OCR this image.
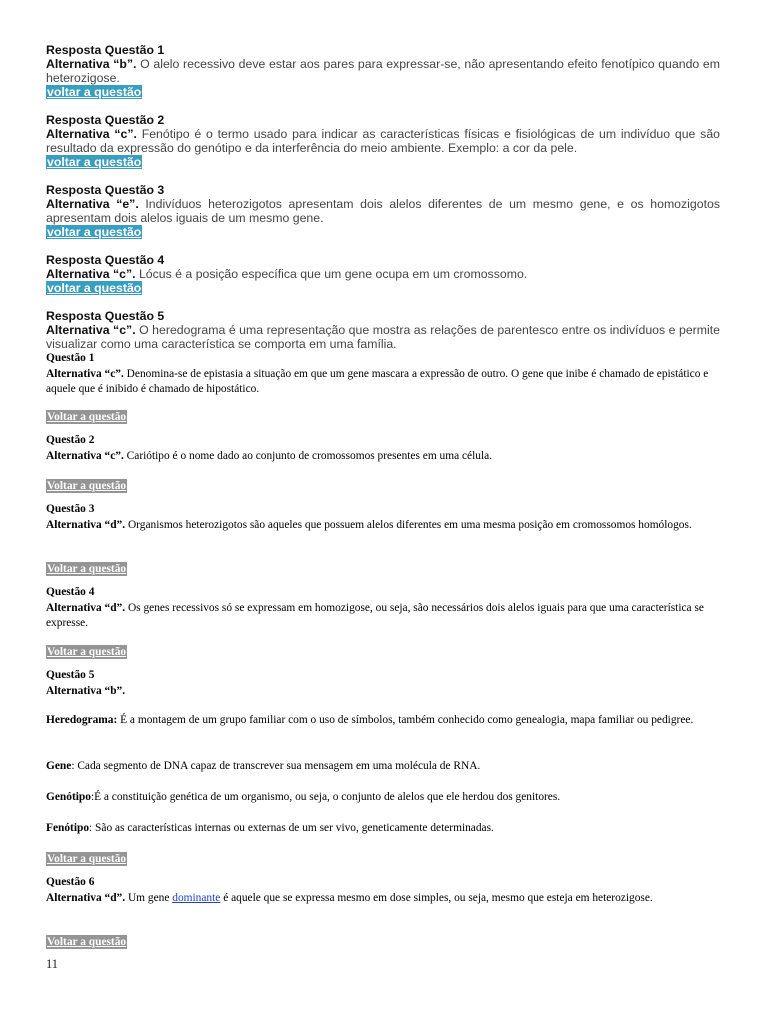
Resposta Questão 1
Alternativa “b”. O alelo recessivo deve estar aos pares para expressar-se, não apresentando efeito fenotípico quando em heterozigose.
voltar a questão
Resposta Questão 2
Alternativa “c”. Fenótipo é o termo usado para indicar as características físicas e fisiológicas de um indivíduo que são resultado da expressão do genótipo e da interferência do meio ambiente. Exemplo: a cor da pele.
voltar a questão
Resposta Questão 3
Alternativa “e”. Indivíduos heterozigotos apresentam dois alelos diferentes de um mesmo gene, e os homozigotos apresentam dois alelos iguais de um mesmo gene.
voltar a questão
Resposta Questão 4
Alternativa “c”. Lócus é a posição específica que um gene ocupa em um cromossomo.
voltar a questão
Resposta Questão 5
Alternativa “c”. O heredograma é uma representação que mostra as relações de parentesco entre os indivíduos e permite visualizar como uma característica se comporta em uma família.
Questão 1
Alternativa “c”. Denomina-se de epistasia a situação em que um gene mascara a expressão de outro. O gene que inibe é chamado de epistático e aquele que é inibido é chamado de hipostático.
Voltar a questão
Questão 2
Alternativa “c”. Cariótipo é o nome dado ao conjunto de cromossomos presentes em uma célula.
Voltar a questão
Questão 3
Alternativa “d”. Organismos heterozigotos são aqueles que possuem alelos diferentes em uma mesma posição em cromossomos homólogos.
Voltar a questão
Questão 4
Alternativa “d”. Os genes recessivos só se expressam em homozigose, ou seja, são necessários dois alelos iguais para que uma característica se expresse.
Voltar a questão
Questão 5
Alternativa “b”.
Heredograma: É a montagem de um grupo familiar com o uso de símbolos, também conhecido como genealogia, mapa familiar ou pedigree.
Gene: Cada segmento de DNA capaz de transcrever sua mensagem em uma molécula de RNA.
Genótipo:É a constituição genética de um organismo, ou seja, o conjunto de alelos que ele herdou dos genitores.
Fenótipo: São as características internas ou externas de um ser vivo, geneticamente determinadas.
Voltar a questão
Questão 6
Alternativa “d”. Um gene dominante é aquele que se expressa mesmo em dose simples, ou seja, mesmo que esteja em heterozigose.
Voltar a questão
11
